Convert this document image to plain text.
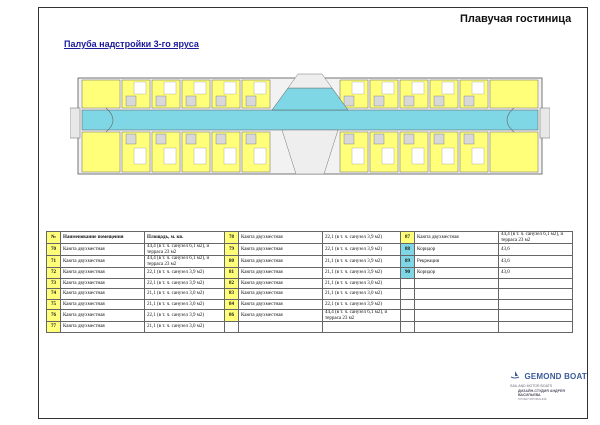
Плавучая гостиница
Палуба надстройки 3-го яруса
№	Наименование помещения	Площадь, м. кв.	78	Каюта двухместная	22,1 (в т. ч. санузел 3,9 м2)	87	Каюта двухместная	44,4 (в т. ч. санузел 6,1 м2), и терраса 23 м2
70	Каюта двухместная	44,4 (в т. ч. санузел 6,1 м2), и терраса 23 м2	79	Каюта двухместная	22,1 (в т. ч. санузел 3,9 м2)	88	Коридор	43,6
71	Каюта двухместная	44,4 (в т. ч. санузел 6,1 м2), и терраса 23 м2	80	Каюта двухместная	21,1 (в т. ч. санузел 3,9 м2)	89	Рекреация	43,6
72	Каюта двухместная	22,1 (в т. ч. санузел 3,9 м2)	81	Каюта двухместная	21,1 (в т. ч. санузел 3,9 м2)	90	Коридор	43,0
73	Каюта двухместная	22,1 (в т. ч. санузел 3,9 м2)	82	Каюта двухместная	21,1 (в т. ч. санузел 3,0 м2)			
74	Каюта двухместная	21,1 (в т. ч. санузел 3,0 м2)	83	Каюта двухместная	21,1 (в т. ч. санузел 3,0 м2)			
75	Каюта двухместная	21,1 (в т. ч. санузел 3,0 м2)	84	Каюта двухместная	22,1 (в т. ч. санузел 3,9 м2)			
76	Каюта двухместная	22,1 (в т. ч. санузел 3,9 м2)	86	Каюта двухместная	44,4 (в т. ч. санузел 6,1 м2), и терраса 23 м2			
77	Каюта двухместная	21,1 (в т. ч. санузел 3,0 м2)						
GEMOND BOAT
SAIL AND MOTOR BOATS
ДИЗАЙН-СТУДИЯ АНДРЕЯ ВАСИЛЬЕВА
ПРОЕКТИРОВАНИЕ
